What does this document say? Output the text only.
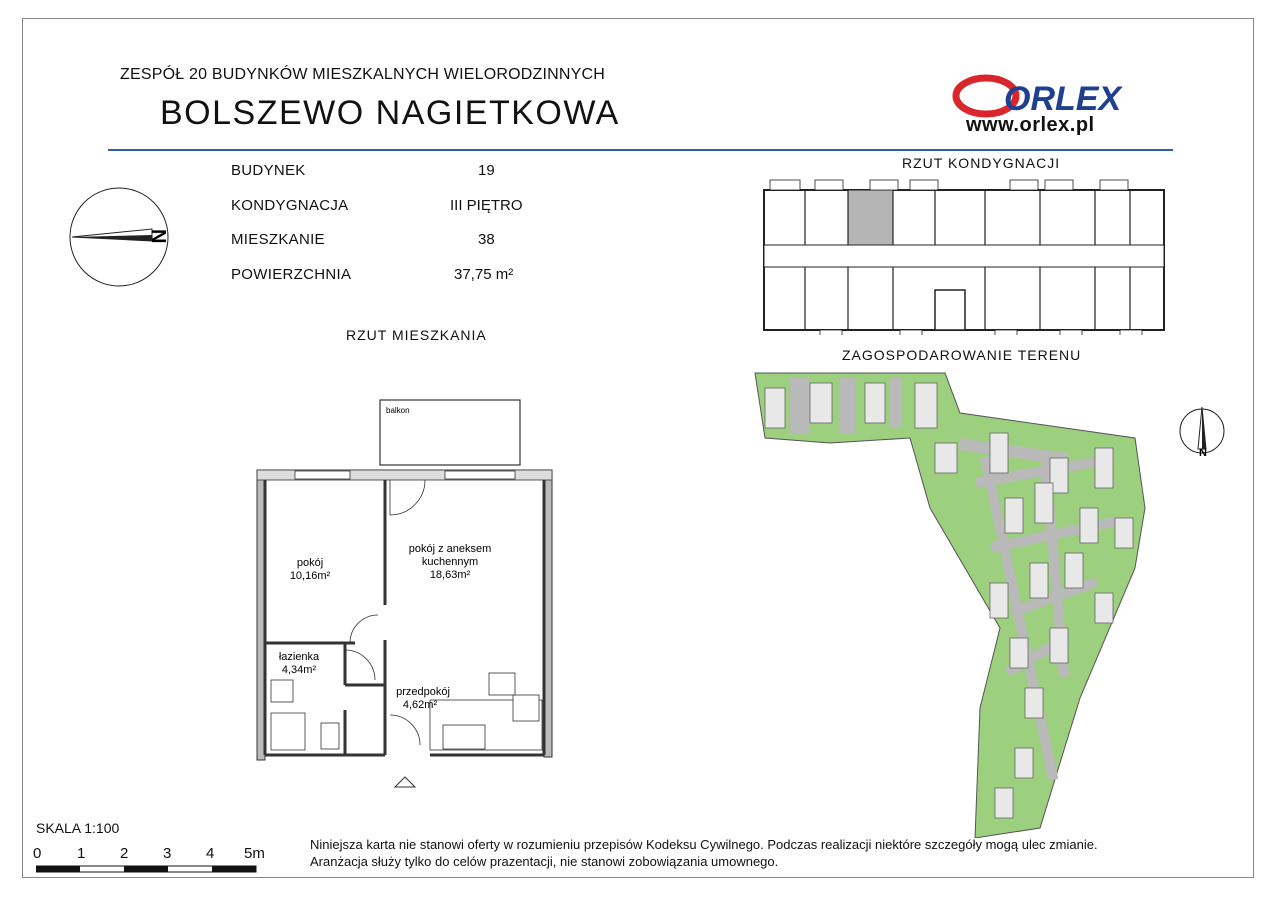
ZESPÓŁ 20 BUDYNKÓW MIESZKALNYCH WIELORODZINNYCH
BOLSZEWO NAGIETKOWA	ORLEX
www.orlex.pl
BUDYNEK	19
KONDYGNACJA	III PIĘTRO
MIESZKANIE	38
POWIERZCHNIA	37,75 m²
N
RZUT MIESZKANIA
RZUT KONDYGNACJI
ZAGOSPODAROWANIE TERENU
balkon
pokój
10,16m²
pokój z aneksem
kuchennym
18,63m²
łazienka
4,34m²
przedpokój
4,62m²
N
SKALA 1:100
0 1 2 3 4 5m
Niniejsza karta nie stanowi oferty w rozumieniu przepisów Kodeksu Cywilnego. Podczas realizacji niektóre szczegóły mogą ulec zmianie.
Aranżacja służy tylko do celów prazentacji, nie stanowi zobowiązania umownego.
